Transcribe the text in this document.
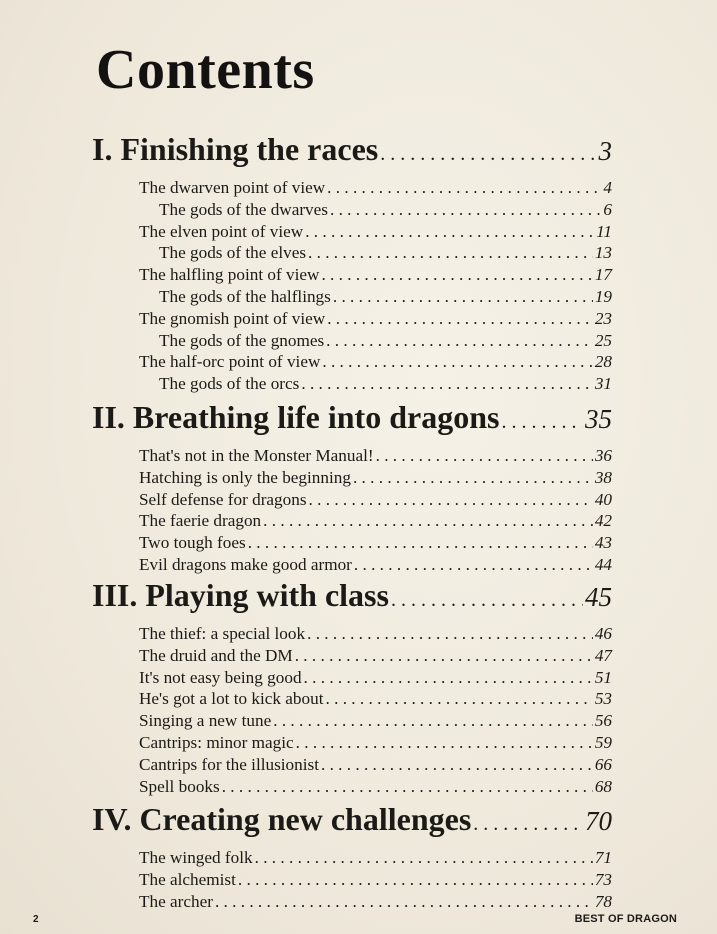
Contents
I. Finishing the races . . .	3
The dwarven point of view . . .	4
The gods of the dwarves . . .	6
The elven point of view . . .	11
The gods of the elves . . .	13
The halfling point of view . . .	17
The gods of the halflings . . .	19
The gnomish point of view . . .	23
The gods of the gnomes . . .	25
The half-orc point of view . . .	28
The gods of the orcs . . .	31
II. Breathing life into dragons . . .	35
That's not in the Monster Manual! . . .	36
Hatching is only the beginning . . .	38
Self defense for dragons . . .	40
The faerie dragon . . .	42
Two tough foes . . .	43
Evil dragons make good armor . . .	44
III. Playing with class . . .	45
The thief: a special look . . .	46
The druid and the DM . . .	47
It's not easy being good . . .	51
He's got a lot to kick about . . .	53
Singing a new tune . . .	56
Cantrips: minor magic . . .	59
Cantrips for the illusionist . . .	66
Spell books . . .	68
IV. Creating new challenges . . .	70
The winged folk . . .	71
The alchemist . . .	73
The archer . . .	78
2	BEST OF DRAGON
